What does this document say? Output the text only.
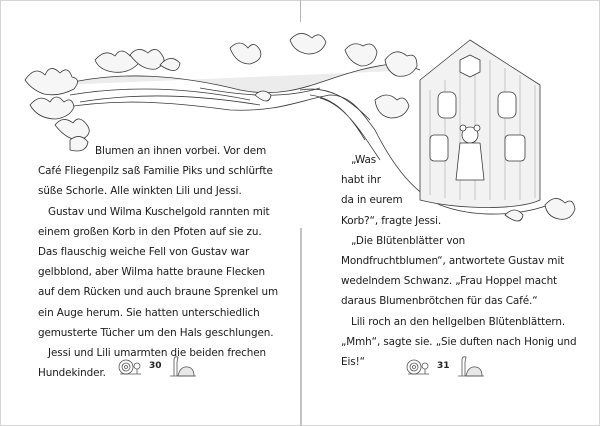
Blumen an ihnen vorbei. Vor dem
Café Fliegenpilz saß Familie Piks und schlürfte
süße Schorle. Alle winkten Lili und Jessi.
Gustav und Wilma Kuschelgold rannten mit
einem großen Korb in den Pfoten auf sie zu.
Das flauschig weiche Fell von Gustav war
gelbblond, aber Wilma hatte braune Flecken
auf dem Rücken und auch braune Sprenkel um
ein Auge herum. Sie hatten unterschiedlich
gemusterte Tücher um den Hals geschlungen.
Jessi und Lili umarmten die beiden frechen
Hundekinder.
„Was
habt ihr
da in eurem
Korb?“, fragte Jessi.
„Die Blütenblätter von
Mondfruchtblumen“, antwortete Gustav mit
wedelndem Schwanz. „Frau Hoppel macht
daraus Blumenbrötchen für das Café.“
Lili roch an den hellgelben Blütenblättern.
„Mmh“, sagte sie. „Sie duften nach Honig und
Eis!“
30	31
